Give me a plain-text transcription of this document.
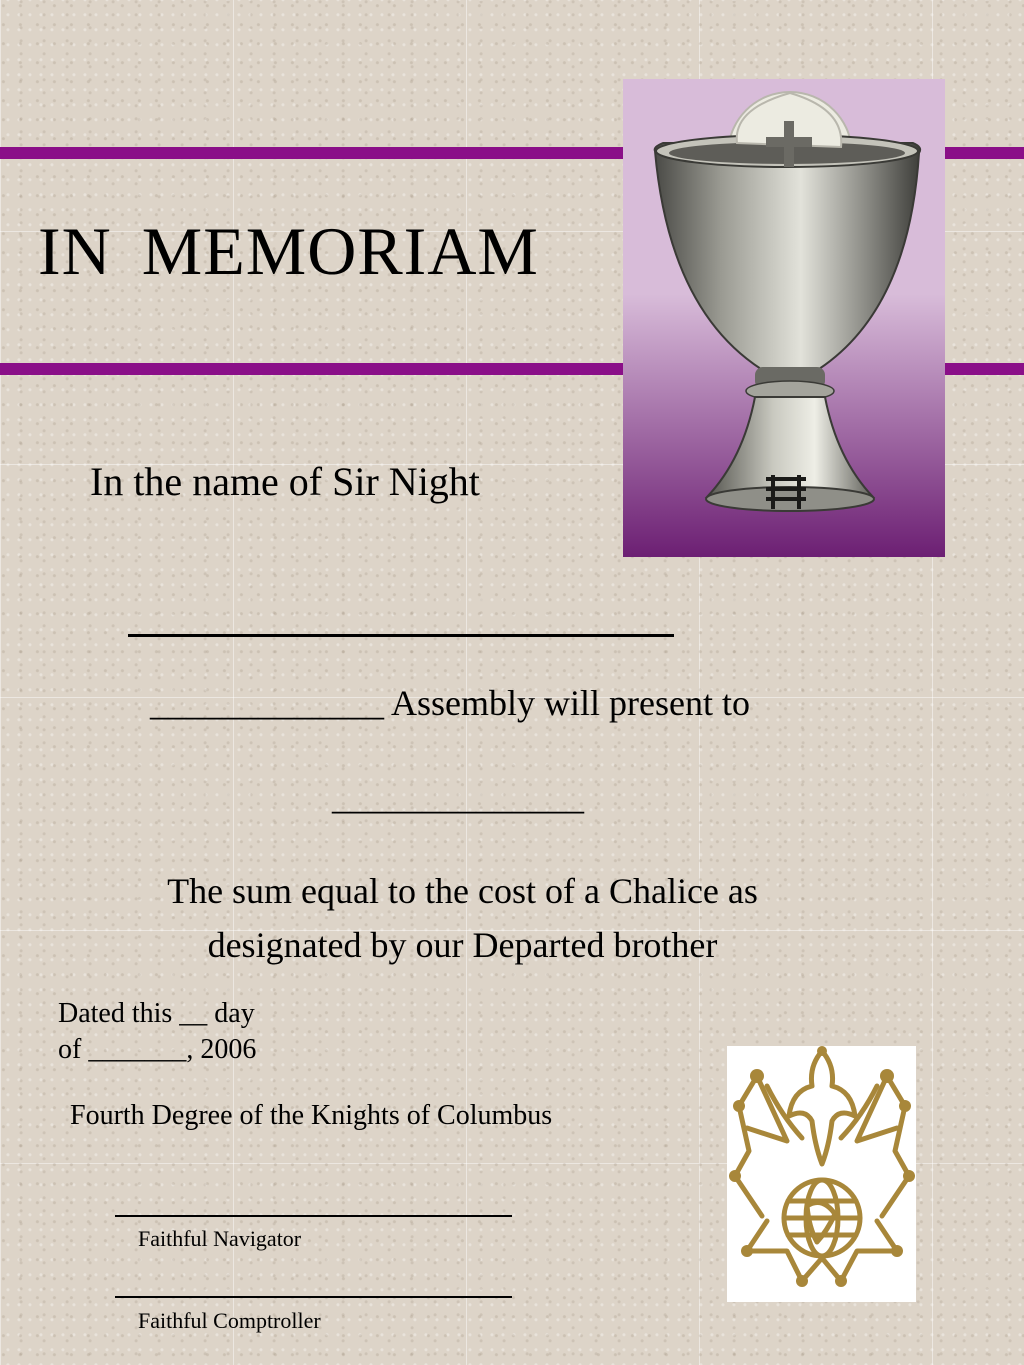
IN MEMORIAM

In the name of Sir Night

_____________ Assembly will present to

______________

The sum equal to the cost of a Chalice as designated by our Departed brother

Dated this __ day

of _______, 2006

Fourth Degree of the Knights of Columbus

Faithful Navigator

Faithful Comptroller
